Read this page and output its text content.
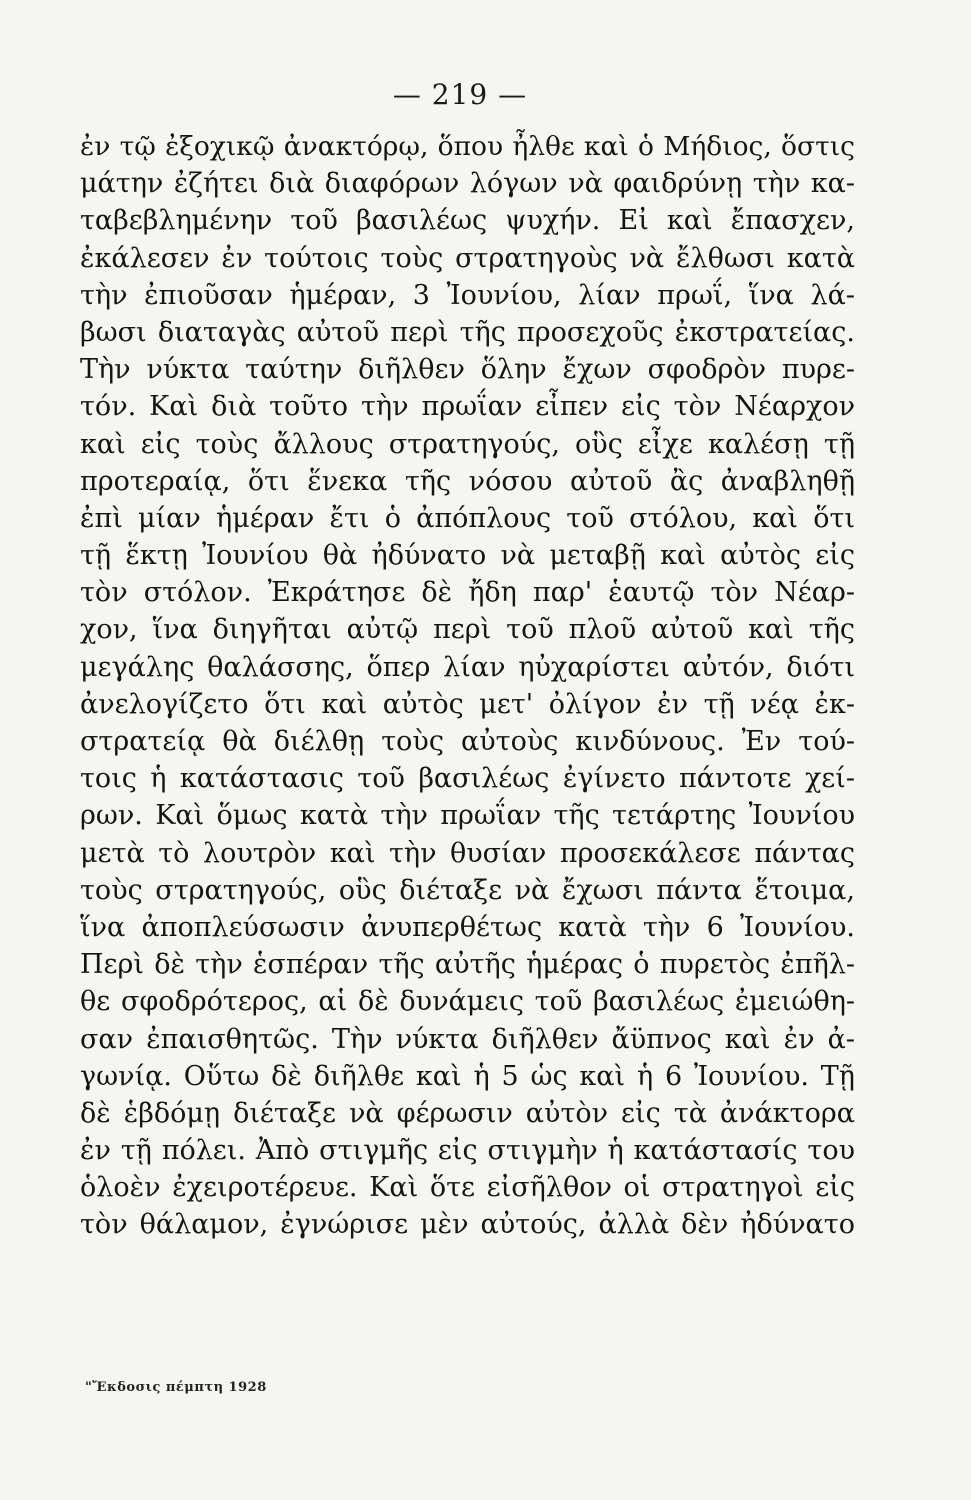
— 219 —
ἐν τῷ ἐξοχικῷ ἀνακτόρῳ, ὅπου ἦλθε καὶ ὁ Μήδιος, ὅστις
μάτην ἐζήτει διὰ διαφόρων λόγων νὰ φαιδρύνῃ τὴν κα-
ταβεβλημένην τοῦ βασιλέως ψυχήν. Εἰ καὶ ἔπασχεν,
ἐκάλεσεν ἐν τούτοις τοὺς στρατηγοὺς νὰ ἔλθωσι κατὰ
τὴν ἐπιοῦσαν ἡμέραν, 3 Ἰουνίου, λίαν πρωΐ, ἵνα λά-
βωσι διαταγὰς αὐτοῦ περὶ τῆς προσεχοῦς ἐκστρατείας.
Τὴν νύκτα ταύτην διῆλθεν ὅλην ἔχων σφοδρὸν πυρε-
τόν. Καὶ διὰ τοῦτο τὴν πρωΐαν εἶπεν εἰς τὸν Νέαρχον
καὶ εἰς τοὺς ἄλλους στρατηγούς, οὓς εἶχε καλέσῃ τῇ
προτεραίᾳ, ὅτι ἕνεκα τῆς νόσου αὐτοῦ ἂς ἀναβληθῇ
ἐπὶ μίαν ἡμέραν ἔτι ὁ ἀπόπλους τοῦ στόλου, καὶ ὅτι
τῇ ἕκτῃ Ἰουνίου θὰ ἠδύνατο νὰ μεταβῇ καὶ αὐτὸς εἰς
τὸν στόλον. Ἐκράτησε δὲ ἤδη παρ' ἑαυτῷ τὸν Νέαρ-
χον, ἵνα διηγῆται αὐτῷ περὶ τοῦ πλοῦ αὐτοῦ καὶ τῆς
μεγάλης θαλάσσης, ὅπερ λίαν ηὐχαρίστει αὐτόν, διότι
ἀνελογίζετο ὅτι καὶ αὐτὸς μετ' ὀλίγον ἐν τῇ νέᾳ ἐκ-
στρατείᾳ θὰ διέλθῃ τοὺς αὐτοὺς κινδύνους. Ἐν τού-
τοις ἡ κατάστασις τοῦ βασιλέως ἐγίνετο πάντοτε χεί-
ρων. Καὶ ὅμως κατὰ τὴν πρωΐαν τῆς τετάρτης Ἰουνίου
μετὰ τὸ λουτρὸν καὶ τὴν θυσίαν προσεκάλεσε πάντας
τοὺς στρατηγούς, οὓς διέταξε νὰ ἔχωσι πάντα ἕτοιμα,
ἵνα ἀποπλεύσωσιν ἀνυπερθέτως κατὰ τὴν 6 Ἰουνίου.
Περὶ δὲ τὴν ἑσπέραν τῆς αὐτῆς ἡμέρας ὁ πυρετὸς ἐπῆλ-
θε σφοδρότερος, αἱ δὲ δυνάμεις τοῦ βασιλέως ἐμειώθη-
σαν ἐπαισθητῶς. Τὴν νύκτα διῆλθεν ἄϋπνος καὶ ἐν ἀ-
γωνίᾳ. Οὕτω δὲ διῆλθε καὶ ἡ 5 ὡς καὶ ἡ 6 Ἰουνίου. Τῇ
δὲ ἑβδόμῃ διέταξε νὰ φέρωσιν αὐτὸν εἰς τὰ ἀνάκτορα
ἐν τῇ πόλει. Ἀπὸ στιγμῆς εἰς στιγμὴν ἡ κατάστασίς του
ὁλοὲν ἐχειροτέρευε. Καὶ ὅτε εἰσῆλθον οἱ στρατηγοὶ εἰς
τὸν θάλαμον, ἐγνώρισε μὲν αὐτούς, ἀλλὰ δὲν ἠδύνατο
"Ἔκδοσις πέμπτη 1928
